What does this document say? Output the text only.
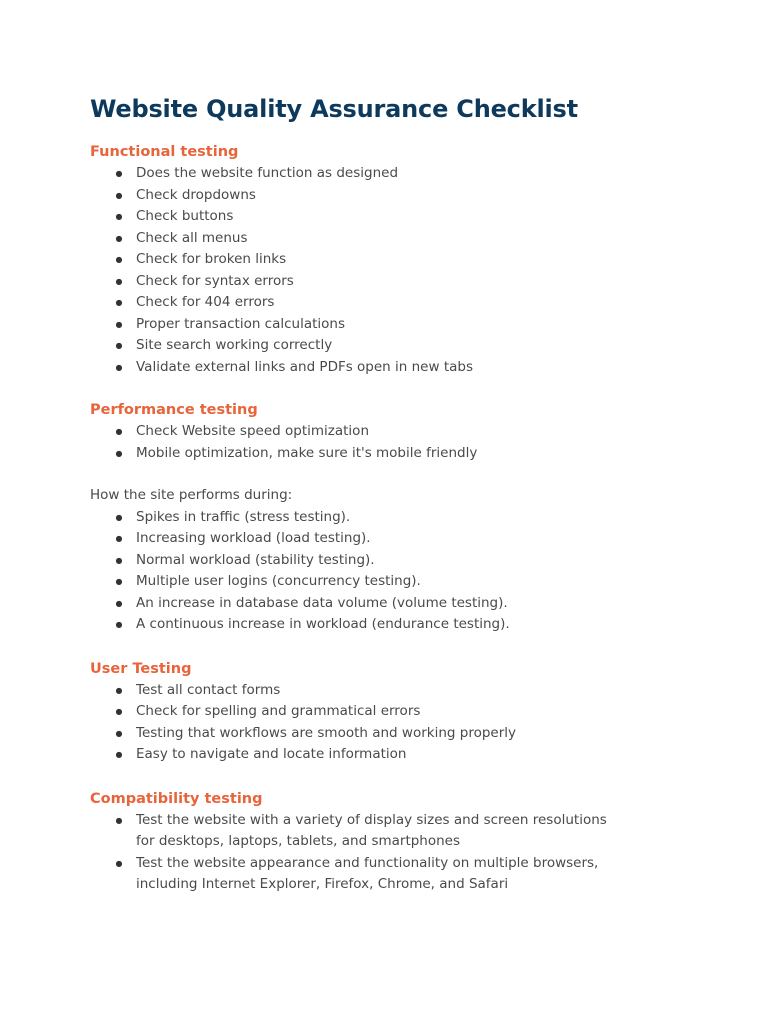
Website Quality Assurance Checklist
Functional testing
● Does the website function as designed
● Check dropdowns
● Check buttons
● Check all menus
● Check for broken links
● Check for syntax errors
● Check for 404 errors
● Proper transaction calculations
● Site search working correctly
● Validate external links and PDFs open in new tabs
Performance testing
● Check Website speed optimization
● Mobile optimization, make sure it's mobile friendly

How the site performs during:

● Spikes in traffic (stress testing).
● Increasing workload (load testing).
● Normal workload (stability testing).
● Multiple user logins (concurrency testing).
● An increase in database data volume (volume testing).
● A continuous increase in workload (endurance testing).
User Testing
● Test all contact forms
● Check for spelling and grammatical errors
● Testing that workflows are smooth and working properly
● Easy to navigate and locate information
Compatibility testing
● Test the website with a variety of display sizes and screen resolutions for desktops, laptops, tablets, and smartphones
● Test the website appearance and functionality on multiple browsers, including Internet Explorer, Firefox, Chrome, and Safari
